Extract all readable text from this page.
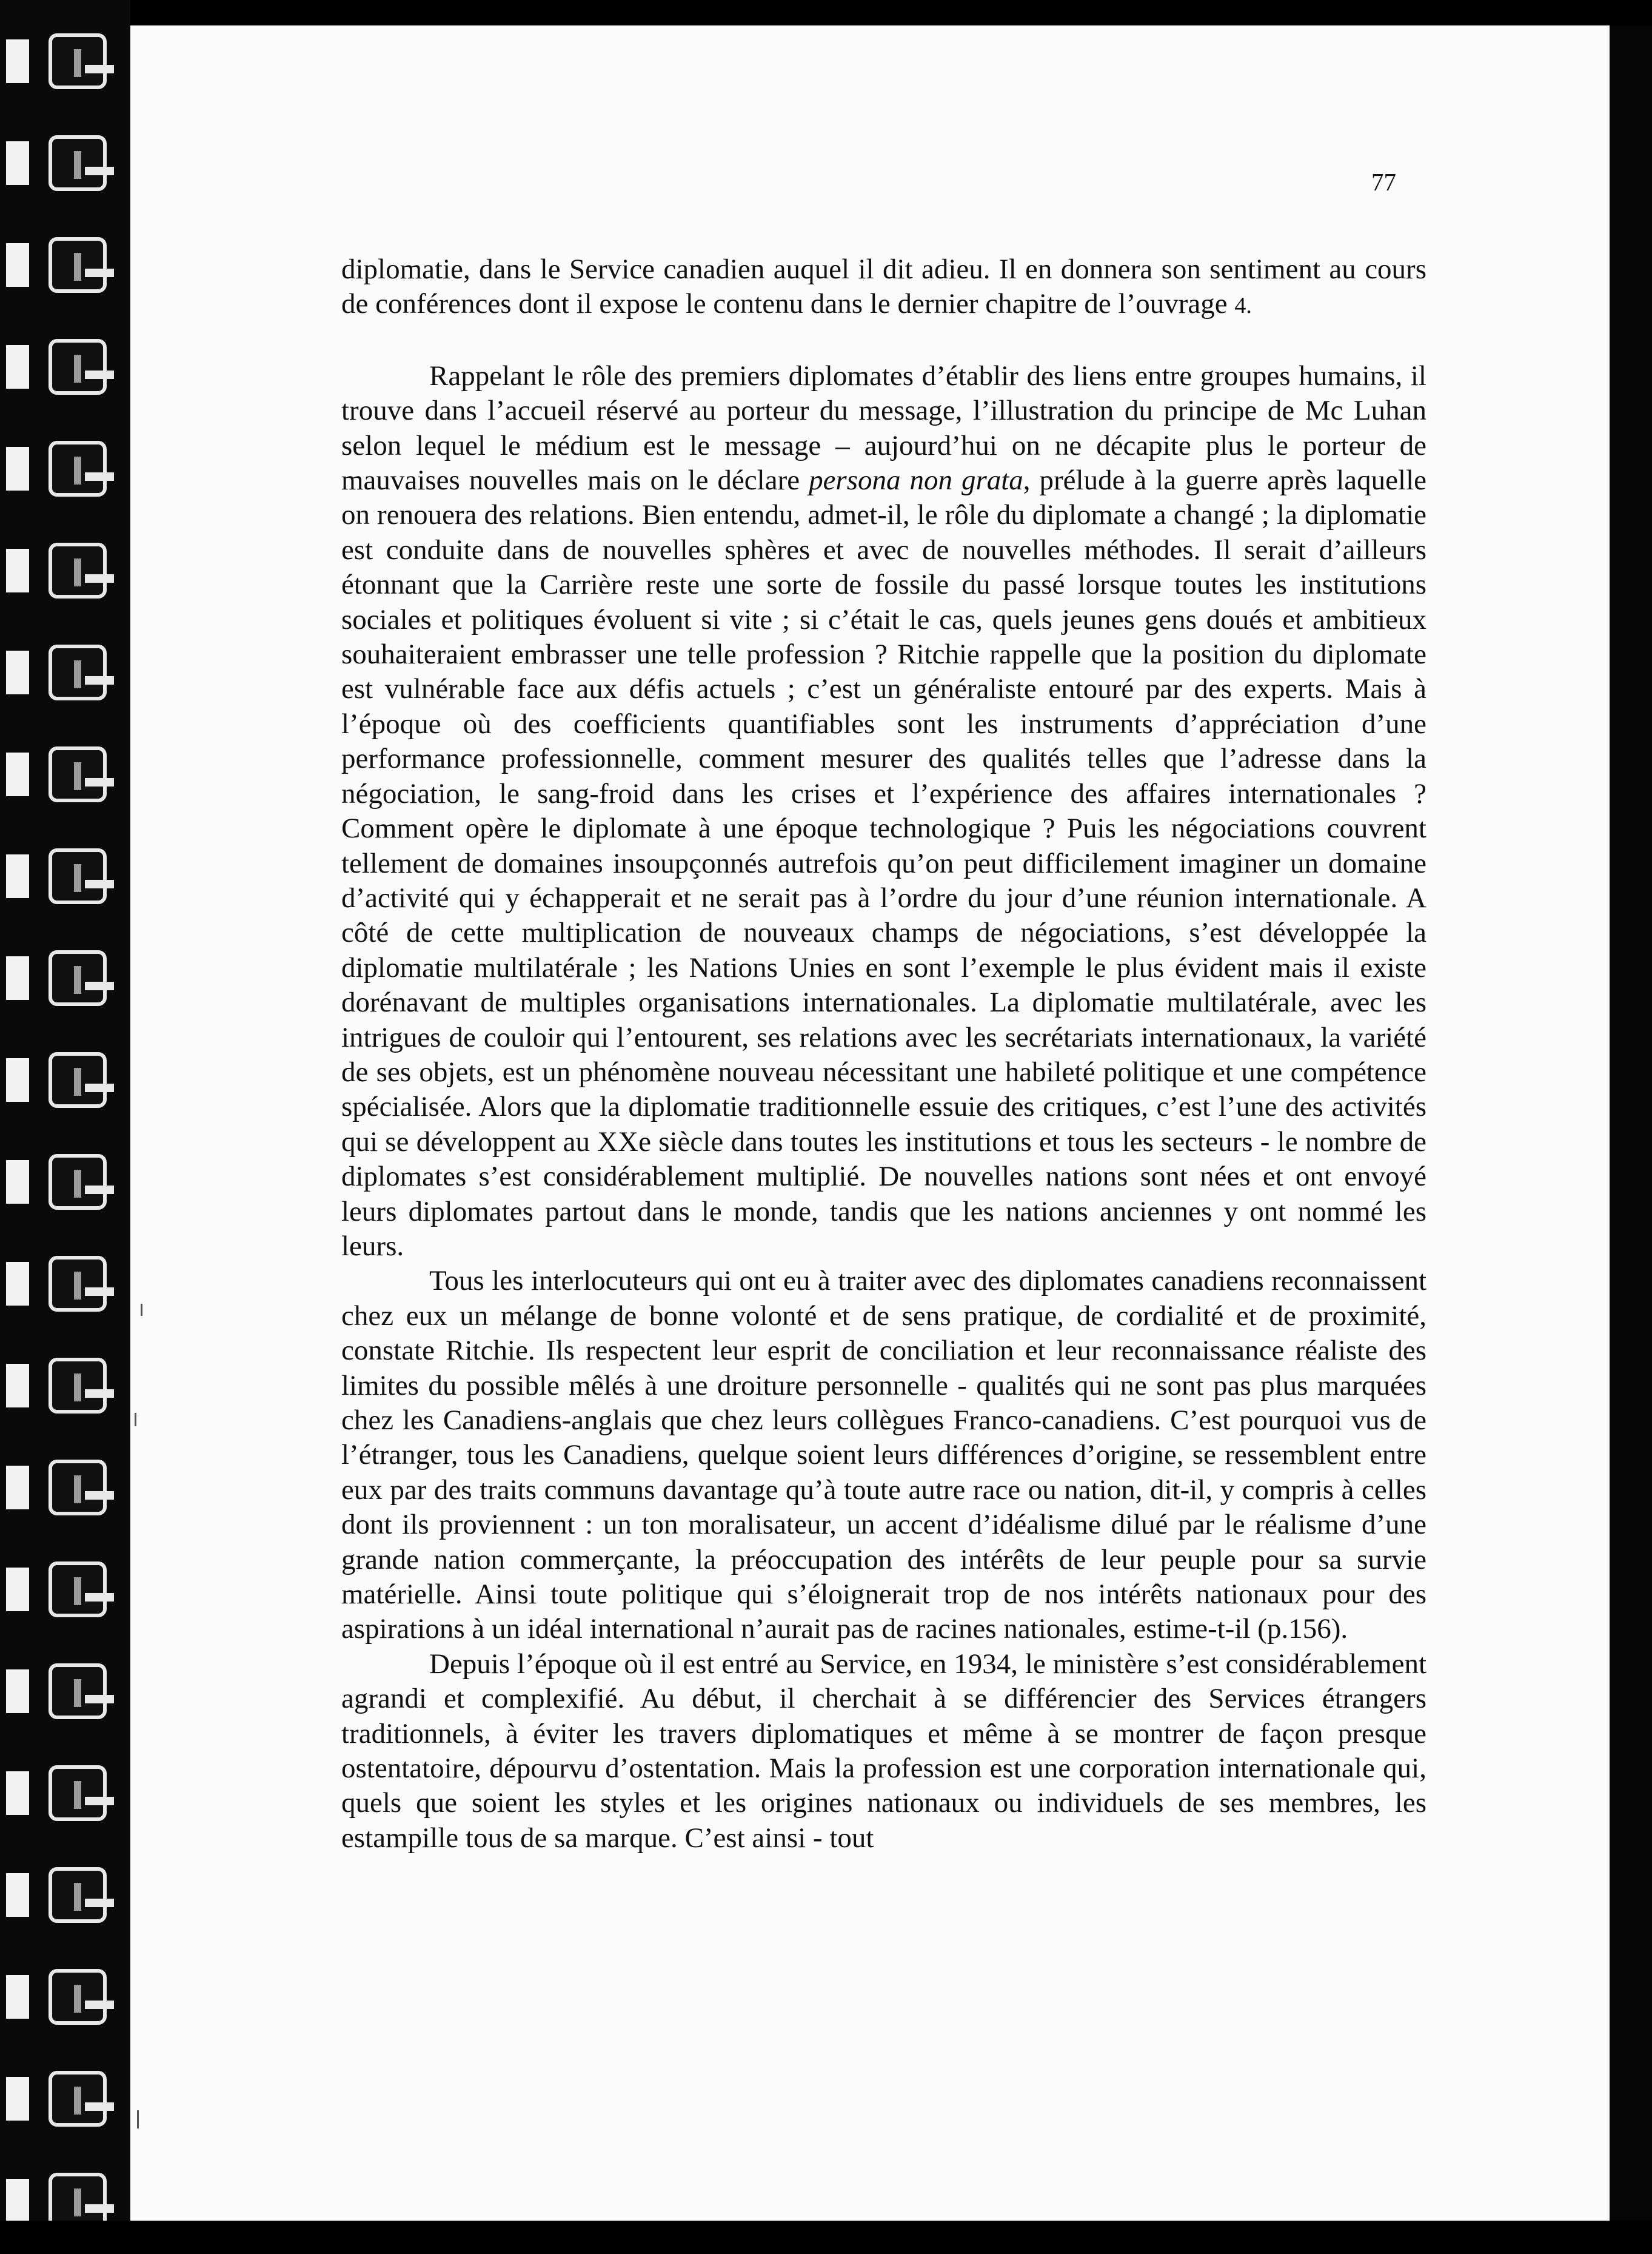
77

diplomatie, dans le Service canadien auquel il dit adieu. Il en donnera son sentiment au cours de conférences dont il expose le contenu dans le dernier chapitre de l’ouvrage 4.

Rappelant le rôle des premiers diplomates d’établir des liens entre groupes humains, il trouve dans l’accueil réservé au porteur du message, l’illustration du principe de Mc Luhan selon lequel le médium est le message – aujourd’hui on ne décapite plus le porteur de mauvaises nouvelles mais on le déclare persona non grata, prélude à la guerre après laquelle on renouera des relations. Bien entendu, admet-il, le rôle du diplomate a changé ; la diplomatie est conduite dans de nouvelles sphères et avec de nouvelles méthodes. Il serait d’ailleurs étonnant que la Carrière reste une sorte de fossile du passé lorsque toutes les institutions sociales et politiques évoluent si vite ; si c’était le cas, quels jeunes gens doués et ambitieux souhaiteraient embrasser une telle profession ? Ritchie rappelle que la position du diplomate est vulnérable face aux défis actuels ; c’est un généraliste entouré par des experts. Mais à l’époque où des coefficients quantifiables sont les instruments d’appréciation d’une performance professionnelle, comment mesurer des qualités telles que l’adresse dans la négociation, le sang-froid dans les crises et l’expérience des affaires internationales ? Comment opère le diplomate à une époque technologique ? Puis les négociations couvrent tellement de domaines insoupçonnés autrefois qu’on peut difficilement imaginer un domaine d’activité qui y échapperait et ne serait pas à l’ordre du jour d’une réunion internationale. A côté de cette multiplication de nouveaux champs de négociations, s’est développée la diplomatie multilatérale ; les Nations Unies en sont l’exemple le plus évident mais il existe dorénavant de multiples organisations internationales. La diplomatie multilatérale, avec les intrigues de couloir qui l’entourent, ses relations avec les secrétariats internationaux, la variété de ses objets, est un phénomène nouveau nécessitant une habileté politique et une compétence spécialisée. Alors que la diplomatie traditionnelle essuie des critiques, c’est l’une des activités qui se développent au XXe siècle dans toutes les institutions et tous les secteurs - le nombre de diplomates s’est considérablement multiplié. De nouvelles nations sont nées et ont envoyé leurs diplomates partout dans le monde, tandis que les nations anciennes y ont nommé les leurs.

Tous les interlocuteurs qui ont eu à traiter avec des diplomates canadiens reconnaissent chez eux un mélange de bonne volonté et de sens pratique, de cordialité et de proximité, constate Ritchie. Ils respectent leur esprit de conciliation et leur reconnaissance réaliste des limites du possible mêlés à une droiture personnelle - qualités qui ne sont pas plus marquées chez les Canadiens-anglais que chez leurs collègues Franco-canadiens. C’est pourquoi vus de l’étranger, tous les Canadiens, quelque soient leurs différences d’origine, se ressemblent entre eux par des traits communs davantage qu’à toute autre race ou nation, dit-il, y compris à celles dont ils proviennent : un ton moralisateur, un accent d’idéalisme dilué par le réalisme d’une grande nation commerçante, la préoccupation des intérêts de leur peuple pour sa survie matérielle. Ainsi toute politique qui s’éloignerait trop de nos intérêts nationaux pour des aspirations à un idéal international n’aurait pas de racines nationales, estime-t-il (p.156).

Depuis l’époque où il est entré au Service, en 1934, le ministère s’est considérablement agrandi et complexifié. Au début, il cherchait à se différencier des Services étrangers traditionnels, à éviter les travers diplomatiques et même à se montrer de façon presque ostentatoire, dépourvu d’ostentation. Mais la profession est une corporation internationale qui, quels que soient les styles et les origines nationaux ou individuels de ses membres, les estampille tous de sa marque. C’est ainsi - tout
